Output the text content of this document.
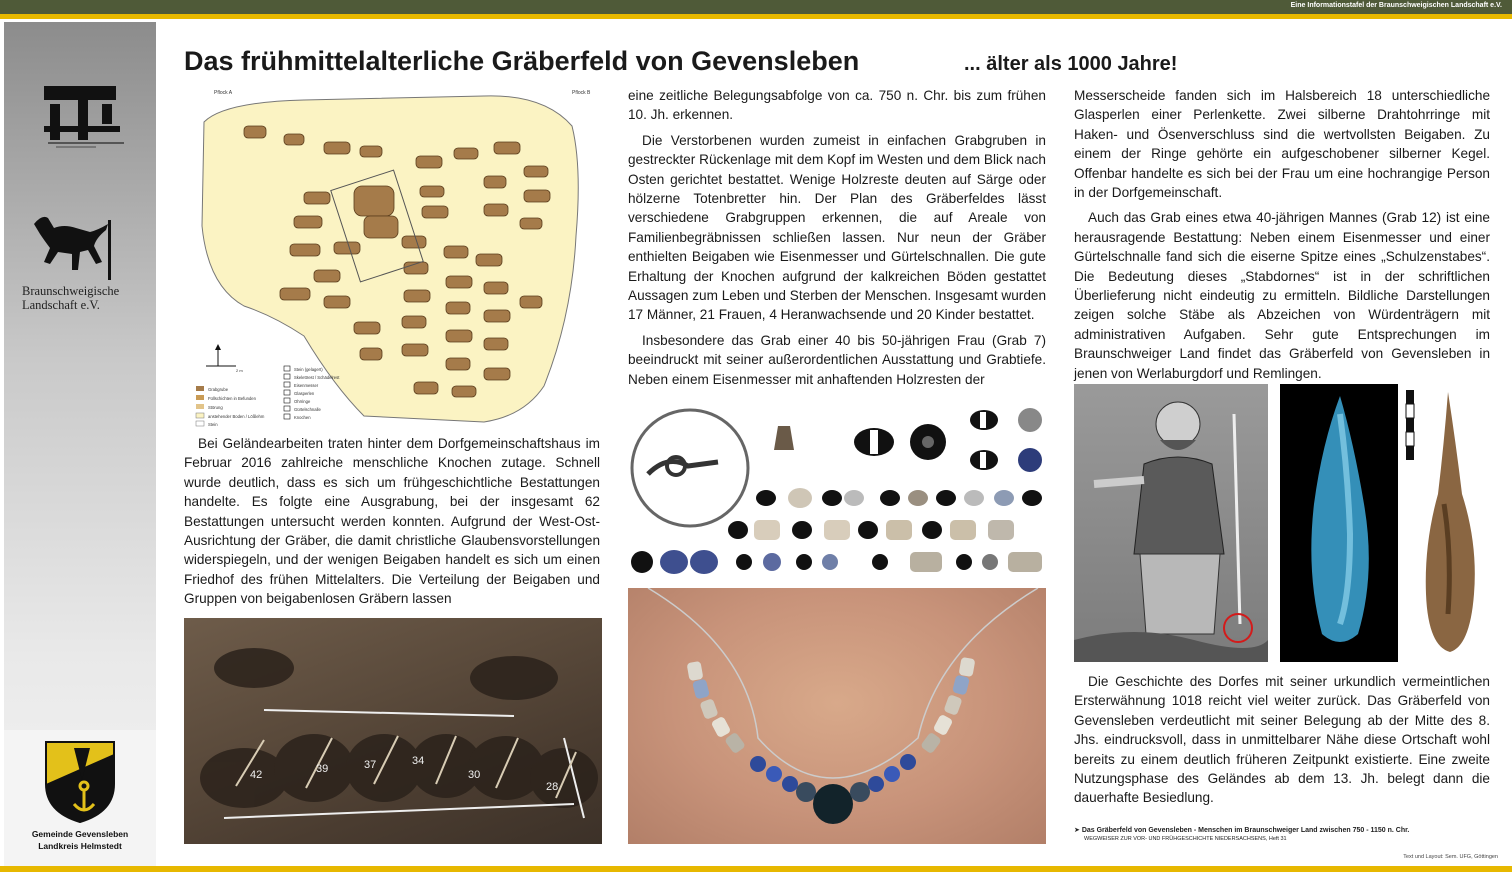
Eine Informationstafel der Braunschweigischen Landschaft e.V.
Braunschweigische Landschaft e.V.
Gemeinde Gevensleben
Landkreis Helmstedt
Das frühmittelalterliche Gräberfeld von Gevensleben	... älter als 1000 Jahre!
Pflock A	Pflock B
2 m
Grabgrube
Füllschichten in Befunden
Störung
anstehender Boden / Lößlehm
Stein
Stein (gelagert)
Skelettrest / Schädelrest
Eisenmesser
Glasperlen
Ohrringe
Gürtelschnalle
Knochen

Bei Geländearbeiten traten hinter dem Dorfgemeinschaftshaus im Februar 2016 zahlreiche menschliche Knochen zutage. Schnell wurde deutlich, dass es sich um frühgeschichtliche Bestattungen handelte. Es folgte eine Ausgrabung, bei der insgesamt 62 Bestattungen untersucht werden konnten. Aufgrund der West-Ost-Ausrichtung der Gräber, die damit christliche Glaubensvorstellungen widerspiegeln, und der wenigen Beigaben handelt es sich um einen Friedhof des frühen Mittelalters. Die Verteilung der Beigaben und Gruppen von beigabenlosen Gräbern lassen

42	39	37	34
30
28

eine zeitliche Belegungsabfolge von ca. 750 n. Chr. bis zum frühen 10. Jh. erkennen.

Die Verstorbenen wurden zumeist in einfachen Grabgruben in gestreckter Rückenlage mit dem Kopf im Westen und dem Blick nach Osten gerichtet bestattet. Wenige Holzreste deuten auf Särge oder hölzerne Totenbretter hin. Der Plan des Gräberfeldes lässt verschiedene Grabgruppen erkennen, die auf Areale von Familienbegräbnissen schließen lassen. Nur neun der Gräber enthielten Beigaben wie Eisenmesser und Gürtelschnallen. Die gute Erhaltung der Knochen aufgrund der kalkreichen Böden gestattet Aussagen zum Leben und Sterben der Menschen. Insgesamt wurden 17 Männer, 21 Frauen, 4 Heranwachsende und 20 Kinder bestattet.

Insbesondere das Grab einer 40 bis 50-jährigen Frau (Grab 7) beeindruckt mit seiner außerordentlichen Ausstattung und Grabtiefe. Neben einem Eisenmesser mit anhaftenden Holzresten der

Messerscheide fanden sich im Halsbereich 18 unterschiedliche Glasperlen einer Perlenkette. Zwei silberne Drahtohrringe mit Haken- und Ösenverschluss sind die wertvollsten Beigaben. Zu einem der Ringe gehörte ein aufgeschobener silberner Kegel. Offenbar handelte es sich bei der Frau um eine hochrangige Person in der Dorfgemeinschaft.

Auch das Grab eines etwa 40-jährigen Mannes (Grab 12) ist eine herausragende Bestattung: Neben einem Eisenmesser und einer Gürtelschnalle fand sich die eiserne Spitze eines „Schulzenstabes“. Die Bedeutung dieses „Stabdornes“ ist in der schriftlichen Überlieferung nicht eindeutig zu ermitteln. Bildliche Darstellungen zeigen solche Stäbe als Abzeichen von Würdenträgern mit administrativen Aufgaben. Sehr gute Entsprechungen im Braunschweiger Land findet das Gräberfeld von Gevensleben in jenen von Werlaburgdorf und Remlingen.

Die Geschichte des Dorfes mit seiner urkundlich vermeintlichen Ersterwähnung 1018 reicht viel weiter zurück. Das Gräberfeld von Gevensleben verdeutlicht mit seiner Belegung ab der Mitte des 8. Jhs. eindrucksvoll, dass in unmittelbarer Nähe diese Ortschaft wohl bereits zu einem deutlich früheren Zeitpunkt existierte. Eine zweite Nutzungsphase des Geländes ab dem 13. Jh. belegt dann die dauerhafte Besiedlung.

➤ Das Gräberfeld von Gevensleben - Menschen im Braunschweiger Land zwischen 750 - 1150 n. Chr.
WEGWEISER ZUR VOR- UND FRÜHGESCHICHTE NIEDERSACHSENS, Heft 31
Text und Layout: Sem. UFG, Göttingen
